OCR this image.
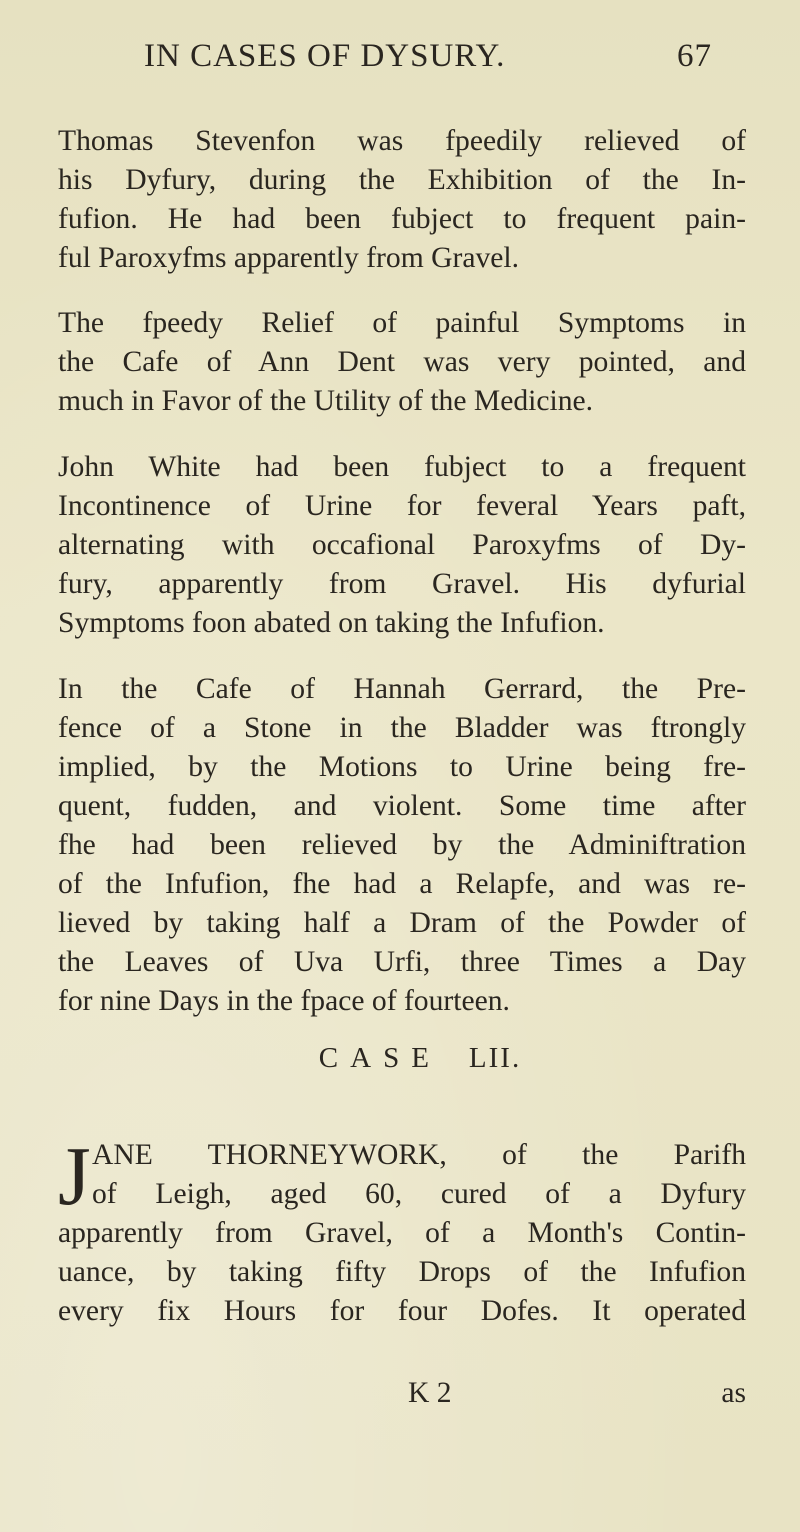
IN CASES OF DYSURY.	67

Thomas Stevenfon was fpeedily relieved of
his Dyfury, during the Exhibition of the In-
fufion. He had been fubject to frequent pain-
ful Paroxyfms apparently from Gravel.

The fpeedy Relief of painful Symptoms in
the Cafe of Ann Dent was very pointed, and
much in Favor of the Utility of the Medicine.

John White had been fubject to a frequent
Incontinence of Urine for feveral Years paft,
alternating with occafional Paroxyfms of Dy-
fury, apparently from Gravel. His dyfurial
Symptoms foon abated on taking the Infufion.

In the Cafe of Hannah Gerrard, the Pre-
fence of a Stone in the Bladder was ftrongly
implied, by the Motions to Urine being fre-
quent, fudden, and violent. Some time after
fhe had been relieved by the Adminiftration
of the Infufion, fhe had a Relapfe, and was re-
lieved by taking half a Dram of the Powder of
the Leaves of Uva Urfi, three Times a Day
for nine Days in the fpace of fourteen.

CASE LII.
J ANE THORNEYWORK, of the Parifh
of Leigh, aged 60, cured of a Dyfury
apparently from Gravel, of a Month's Contin-
uance, by taking fifty Drops of the Infufion
every fix Hours for four Dofes. It operated

K 2	as
